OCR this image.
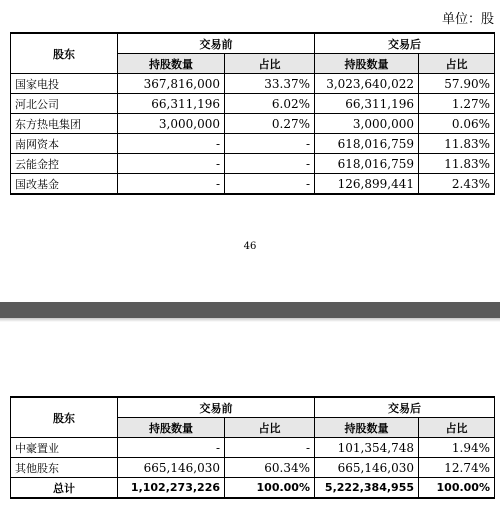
单位：股
股东	交易前		交易后	
	持股数量	占比	持股数量	占比
国家电投	367,816,000	33.37%	3,023,640,022	57.90%
河北公司	66,311,196	6.02%	66,311,196	1.27%
东方热电集团	3,000,000	0.27%	3,000,000	0.06%
南网资本	-	-	618,016,759	11.83%
云能金控	-	-	618,016,759	11.83%
国改基金	-	-	126,899,441	2.43%
46
股东	交易前		交易后	
	持股数量	占比	持股数量	占比
中豪置业	-	-	101,354,748	1.94%
其他股东	665,146,030	60.34%	665,146,030	12.74%
总计	1,102,273,226	100.00%	5,222,384,955	100.00%
